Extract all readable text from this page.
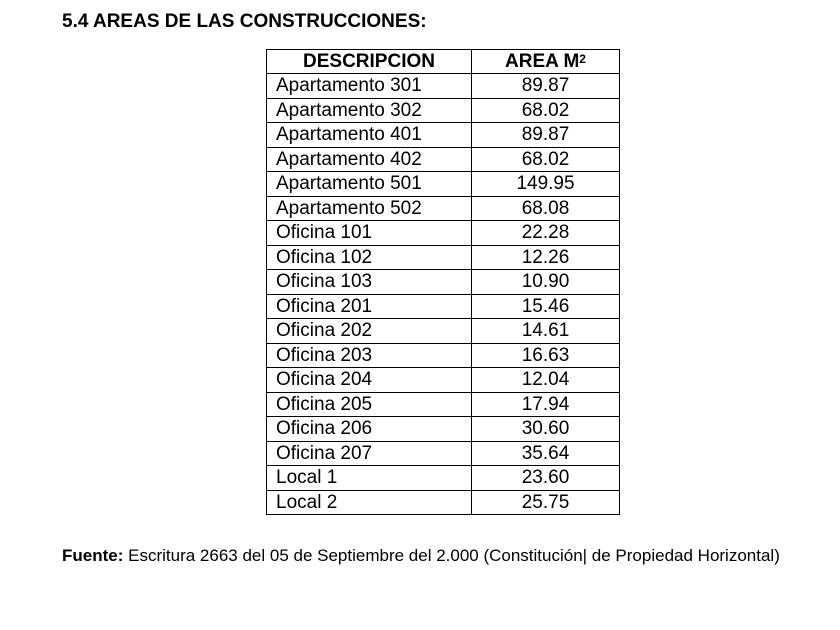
5.4 AREAS DE LAS CONSTRUCCIONES:
DESCRIPCION	AREA $M^2$
Apartamento 301	89.87
Apartamento 302	68.02
Apartamento 401	89.87
Apartamento 402	68.02
Apartamento 501	149.95
Apartamento 502	68.08
Oficina 101	22.28
Oficina 102	12.26
Oficina 103	10.90
Oficina 201	15.46
Oficina 202	14.61
Oficina 203	16.63
Oficina 204	12.04
Oficina 205	17.94
Oficina 206	30.60
Oficina 207	35.64
Local 1	23.60
Local 2	25.75
Fuente: Escritura 2663 del 05 de Septiembre del 2.000 (Constitución| de Propiedad Horizontal)
